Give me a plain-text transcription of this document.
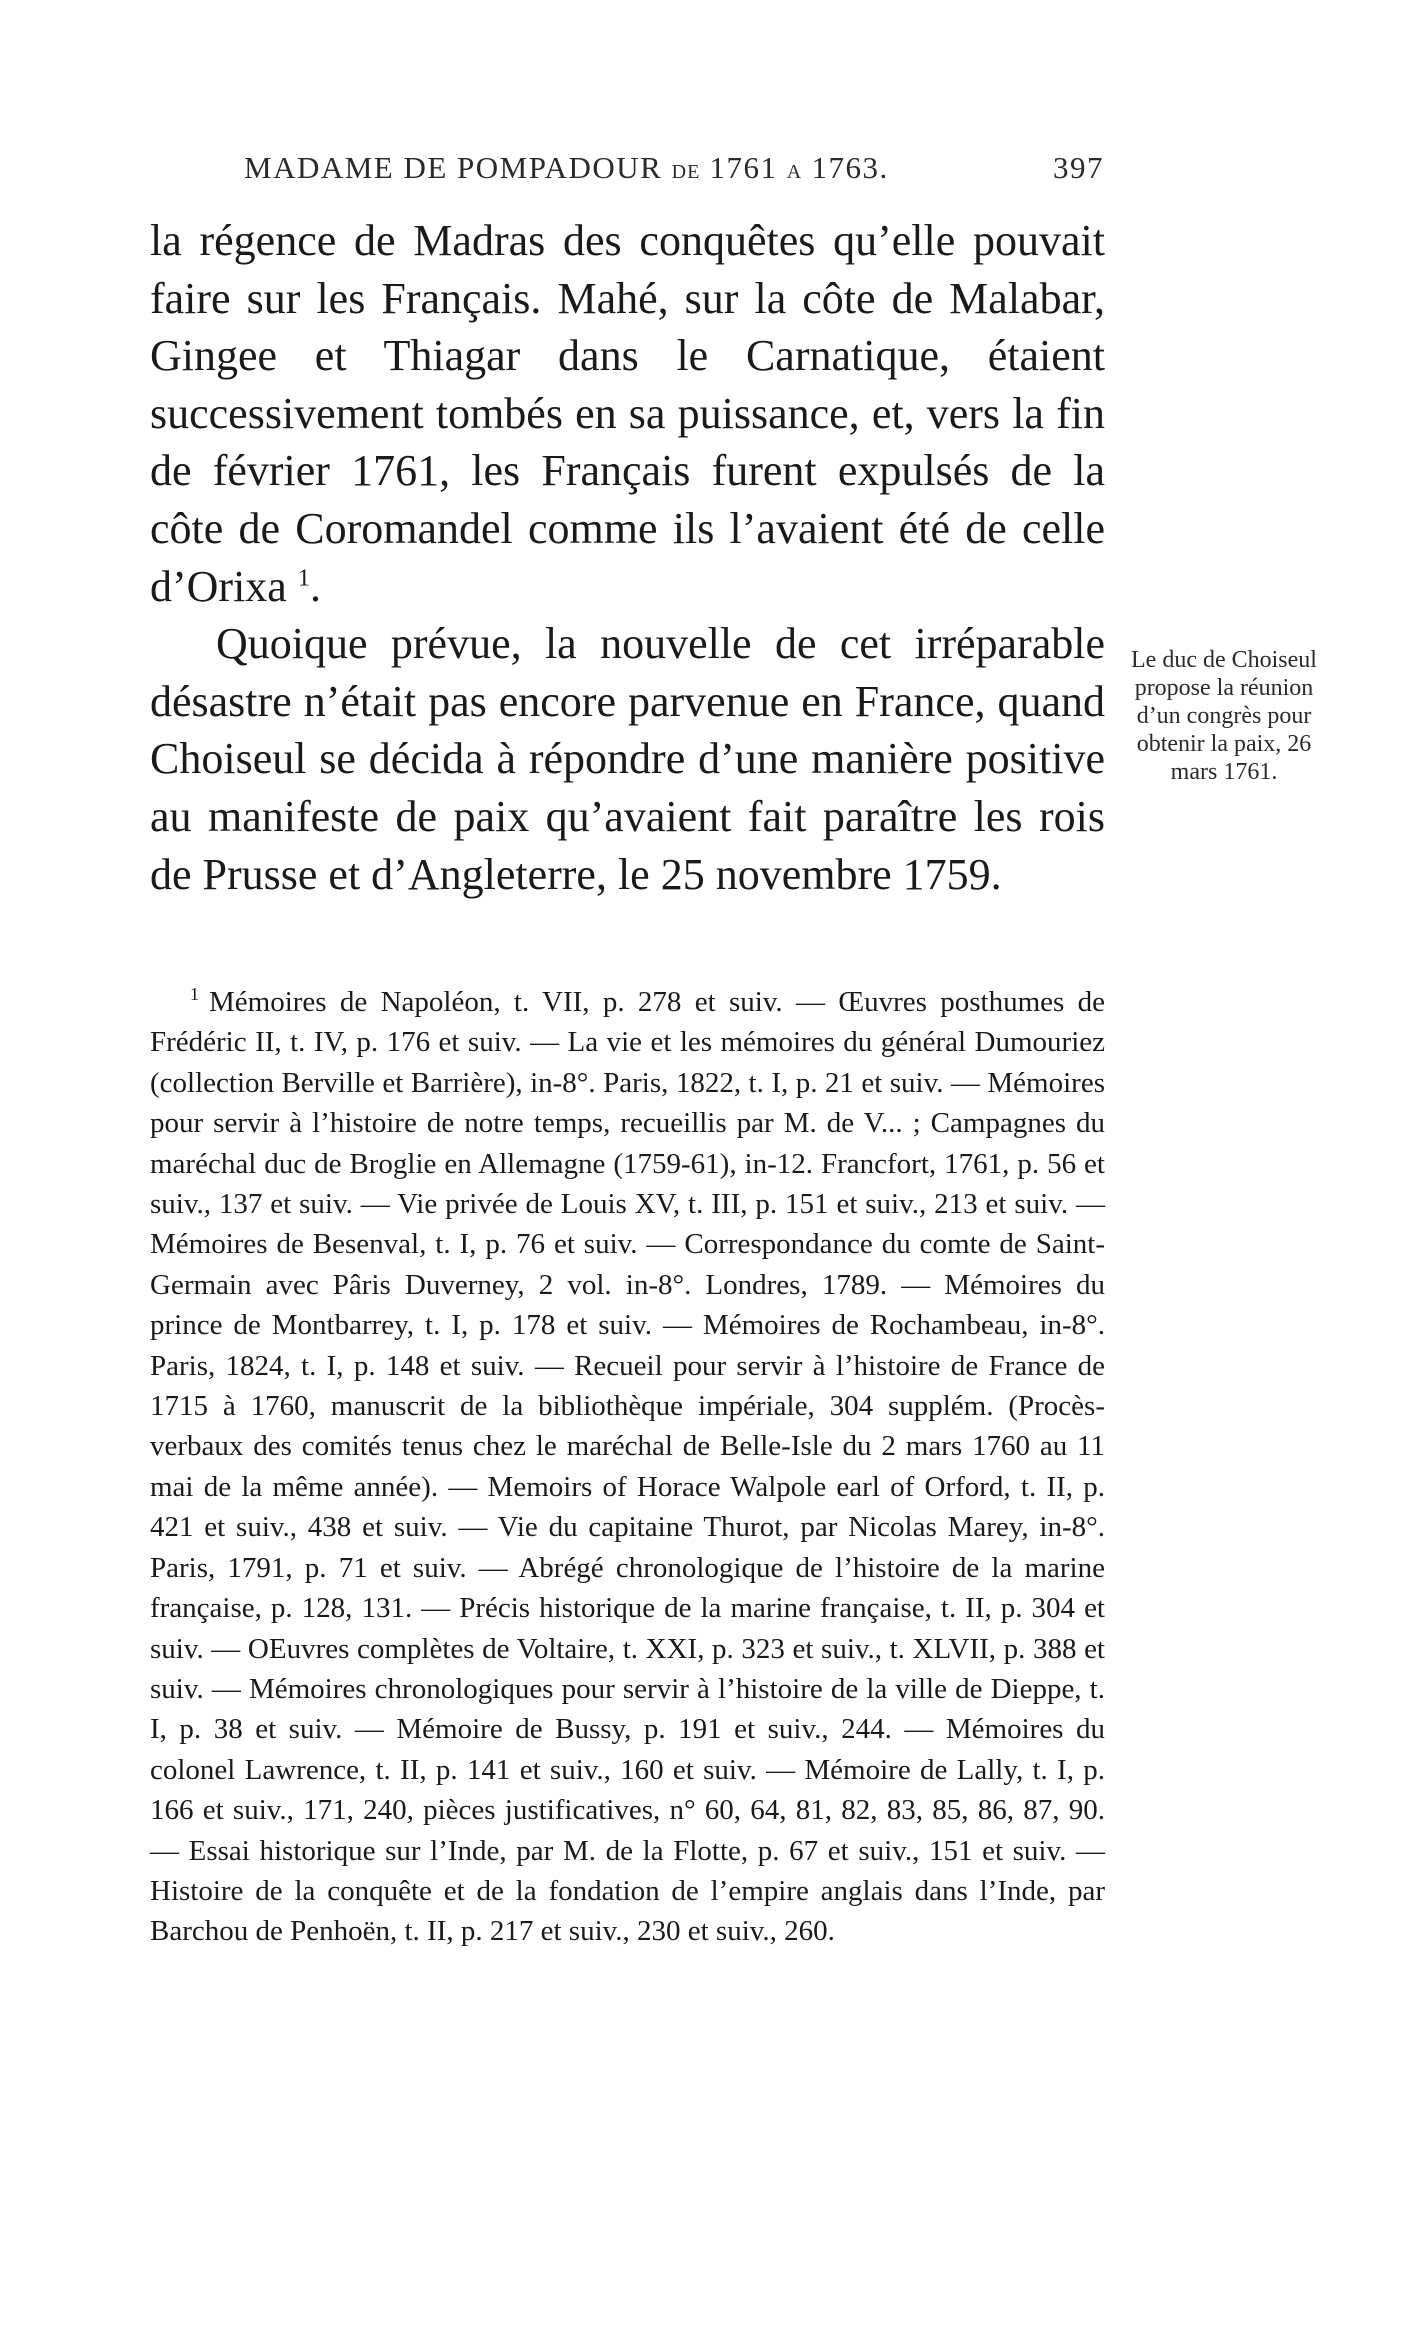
MADAME DE POMPADOUR DE 1761 A 1763.	397

la régence de Madras des conquêtes qu’elle pouvait faire sur les Français. Mahé, sur la côte de Malabar, Gingee et Thiagar dans le Carnatique, étaient successivement tombés en sa puissance, et, vers la fin de février 1761, les Français furent expulsés de la côte de Coromandel comme ils l’avaient été de celle d’Orixa $^1$.

Quoique prévue, la nouvelle de cet irréparable désastre n’était pas encore parvenue en France, quand Choiseul se décida à répondre d’une manière positive au manifeste de paix qu’avaient fait paraître les rois de Prusse et d’Angleterre, le 25 novembre 1759.

Le duc de Choiseul propose la réunion d’un congrès pour obtenir la paix, 26 mars 1761.

$^1$ Mémoires de Napoléon, t. VII, p. 278 et suiv. — Œuvres posthumes de Frédéric II, t. IV, p. 176 et suiv. — La vie et les mémoires du général Dumouriez (collection Berville et Barrière), in-8°. Paris, 1822, t. I, p. 21 et suiv. — Mémoires pour servir à l’histoire de notre temps, recueillis par M. de V... ; Campagnes du maréchal duc de Broglie en Allemagne (1759-61), in-12. Francfort, 1761, p. 56 et suiv., 137 et suiv. — Vie privée de Louis XV, t. III, p. 151 et suiv., 213 et suiv. — Mémoires de Besenval, t. I, p. 76 et suiv. — Correspondance du comte de Saint-Germain avec Pâris Duverney, 2 vol. in-8°. Londres, 1789. — Mémoires du prince de Montbarrey, t. I, p. 178 et suiv. — Mémoires de Rochambeau, in-8°. Paris, 1824, t. I, p. 148 et suiv. — Recueil pour servir à l’histoire de France de 1715 à 1760, manuscrit de la bibliothèque impériale, 304 supplém. (Procès-verbaux des comités tenus chez le maréchal de Belle-Isle du 2 mars 1760 au 11 mai de la même année). — Memoirs of Horace Walpole earl of Orford, t. II, p. 421 et suiv., 438 et suiv. — Vie du capitaine Thurot, par Nicolas Marey, in-8°. Paris, 1791, p. 71 et suiv. — Abrégé chronologique de l’histoire de la marine française, p. 128, 131. — Précis historique de la marine française, t. II, p. 304 et suiv. — OEuvres complètes de Voltaire, t. XXI, p. 323 et suiv., t. XLVII, p. 388 et suiv. — Mémoires chronologiques pour servir à l’histoire de la ville de Dieppe, t. I, p. 38 et suiv. — Mémoire de Bussy, p. 191 et suiv., 244. — Mémoires du colonel Lawrence, t. II, p. 141 et suiv., 160 et suiv. — Mémoire de Lally, t. I, p. 166 et suiv., 171, 240, pièces justificatives, n° 60, 64, 81, 82, 83, 85, 86, 87, 90. — Essai historique sur l’Inde, par M. de la Flotte, p. 67 et suiv., 151 et suiv. — Histoire de la conquête et de la fondation de l’empire anglais dans l’Inde, par Barchou de Penhoën, t. II, p. 217 et suiv., 230 et suiv., 260.
